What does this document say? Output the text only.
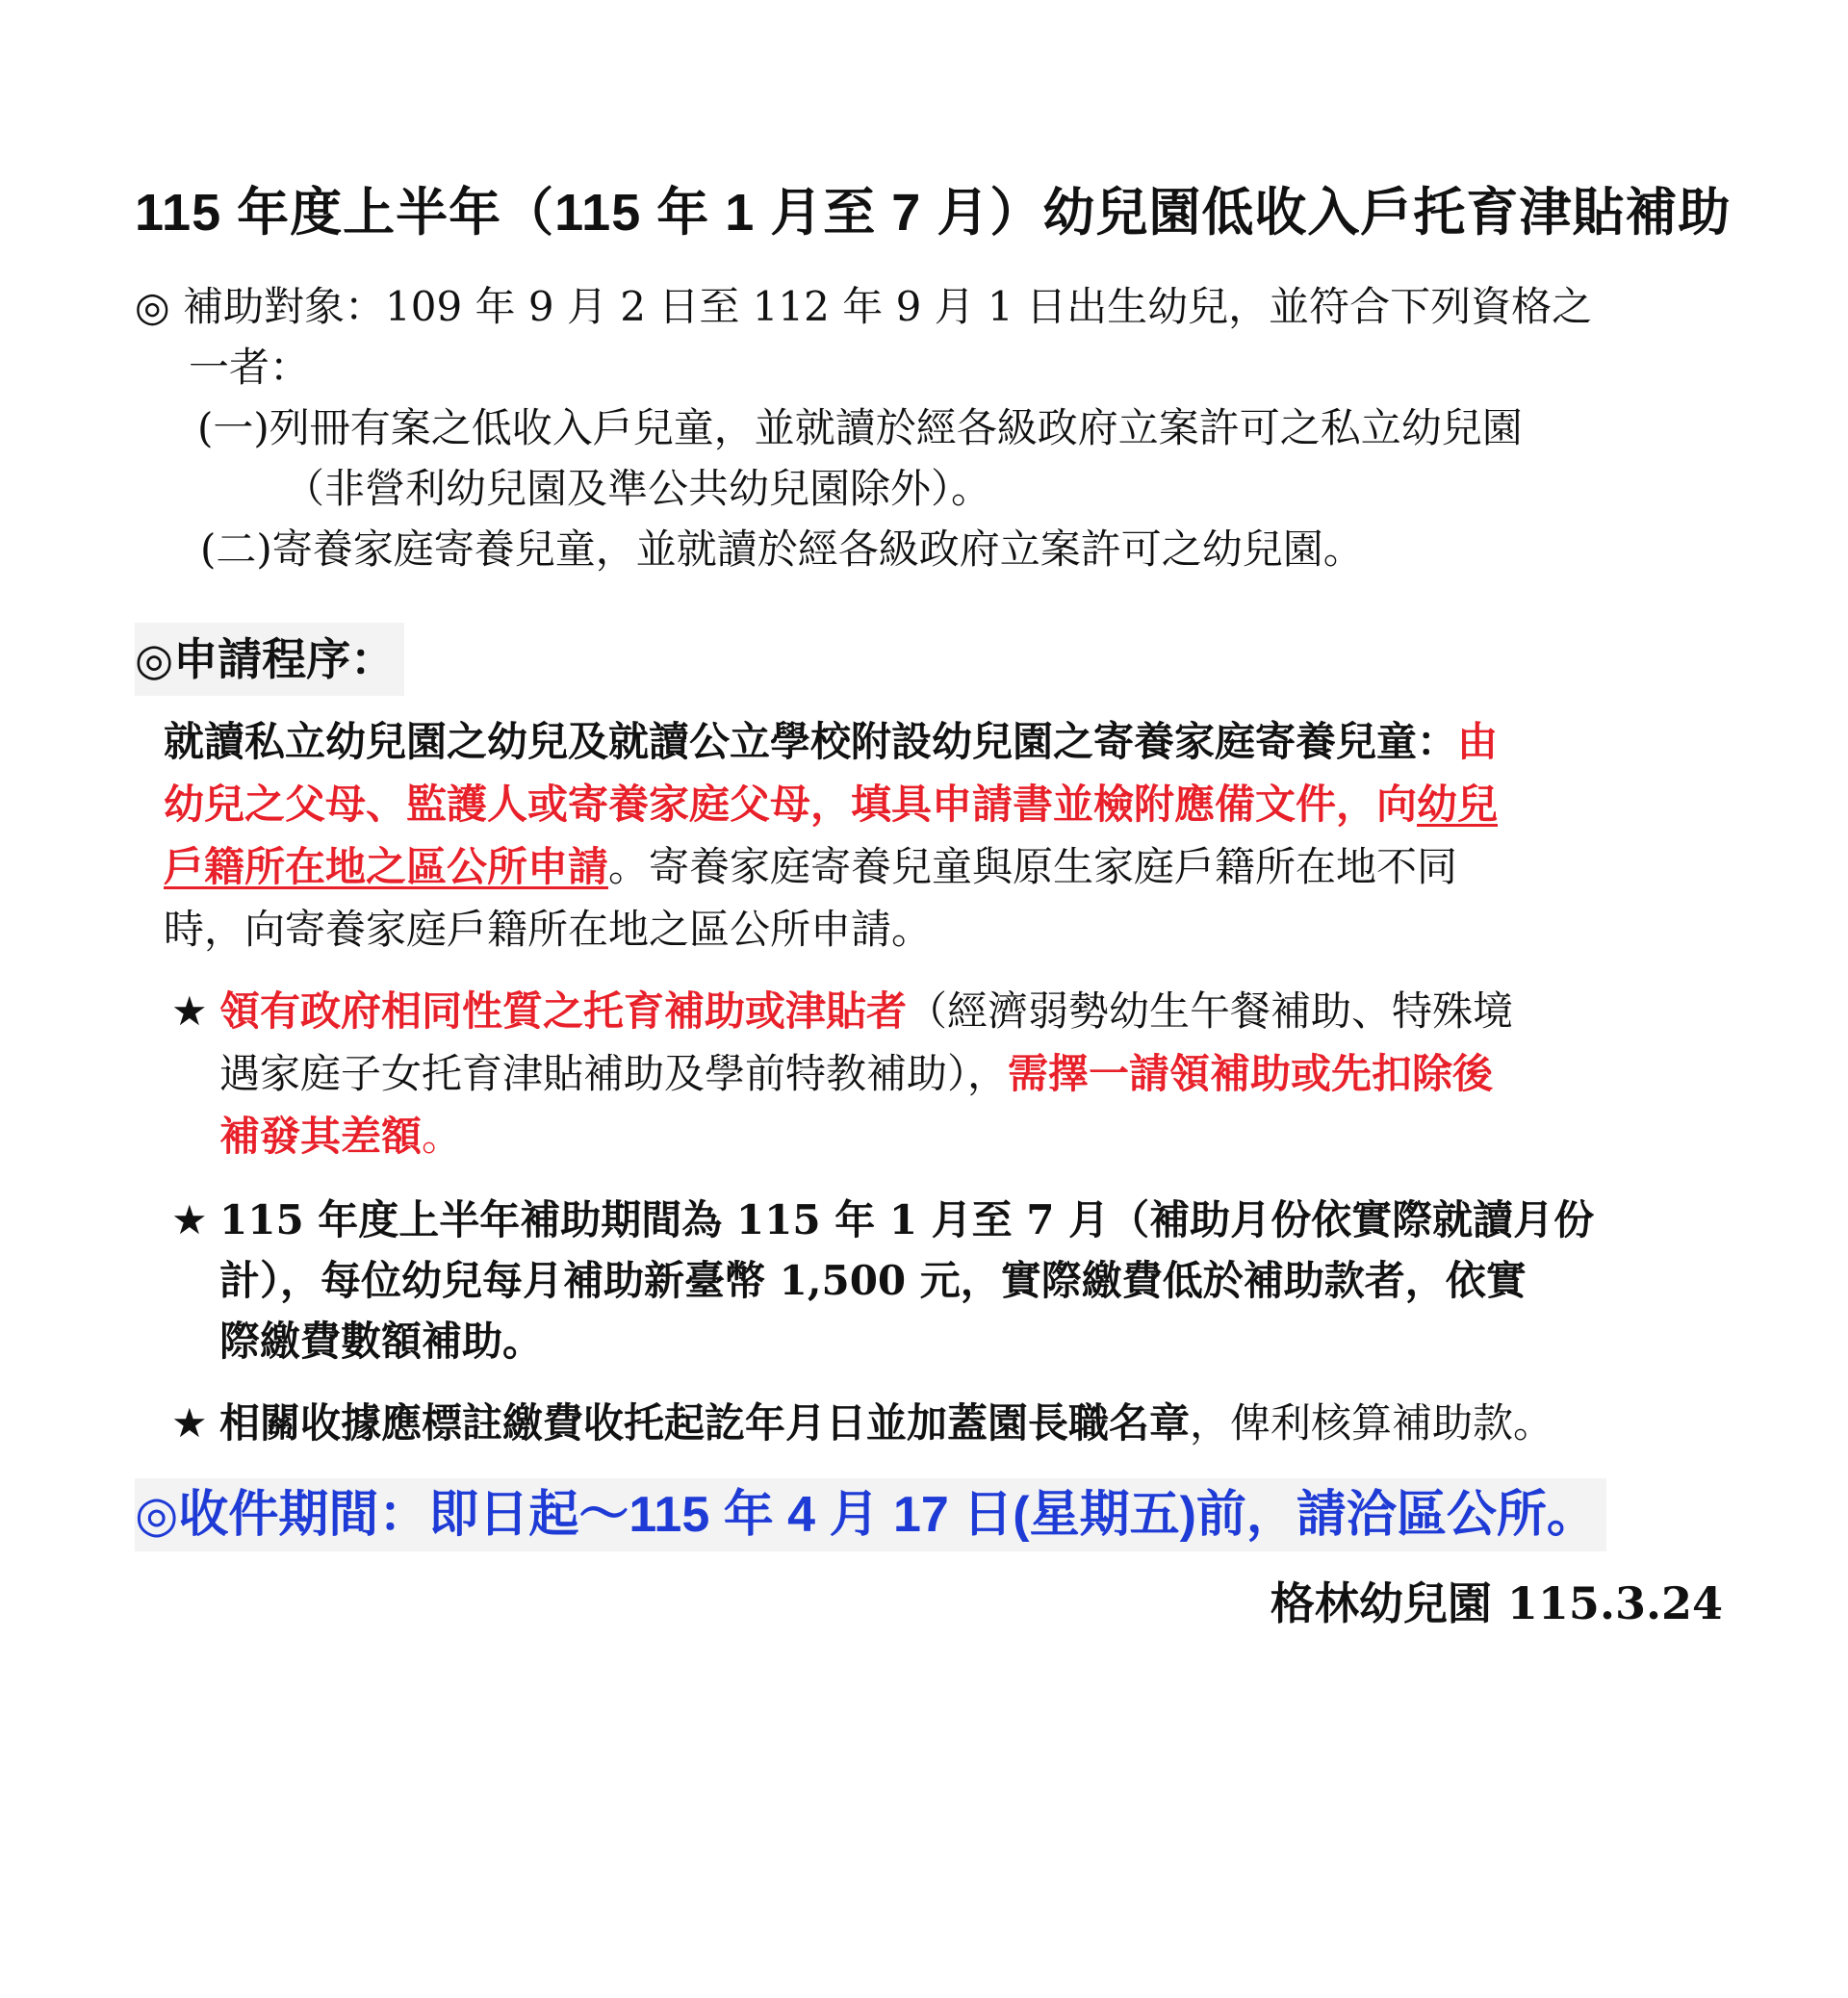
115 年度上半年（115 年 1 月至 7 月）幼兒園低收入戶托育津貼補助
◎ 補助對象：109 年 9 月 2 日至 112 年 9 月 1 日出生幼兒，並符合下列資格之
一者：
(一)列冊有案之低收入戶兒童，並就讀於經各級政府立案許可之私立幼兒園
（非營利幼兒園及準公共幼兒園除外）。
(二)寄養家庭寄養兒童，並就讀於經各級政府立案許可之幼兒園。
◎申請程序：
就讀私立幼兒園之幼兒及就讀公立學校附設幼兒園之寄養家庭寄養兒童：由
幼兒之父母、監護人或寄養家庭父母，填具申請書並檢附應備文件，向幼兒
戶籍所在地之區公所申請。寄養家庭寄養兒童與原生家庭戶籍所在地不同
時，向寄養家庭戶籍所在地之區公所申請。
★ 領有政府相同性質之托育補助或津貼者（經濟弱勢幼生午餐補助、特殊境
遇家庭子女托育津貼補助及學前特教補助），需擇一請領補助或先扣除後
補發其差額。
★ 115 年度上半年補助期間為 115 年 1 月至 7 月（補助月份依實際就讀月份
計），每位幼兒每月補助新臺幣 1,500 元，實際繳費低於補助款者，依實
際繳費數額補助。
★ 相關收據應標註繳費收托起訖年月日並加蓋園長職名章，俾利核算補助款。
◎收件期間：即日起～115 年 4 月 17 日(星期五)前，請洽區公所。
格林幼兒園 115.3.24
